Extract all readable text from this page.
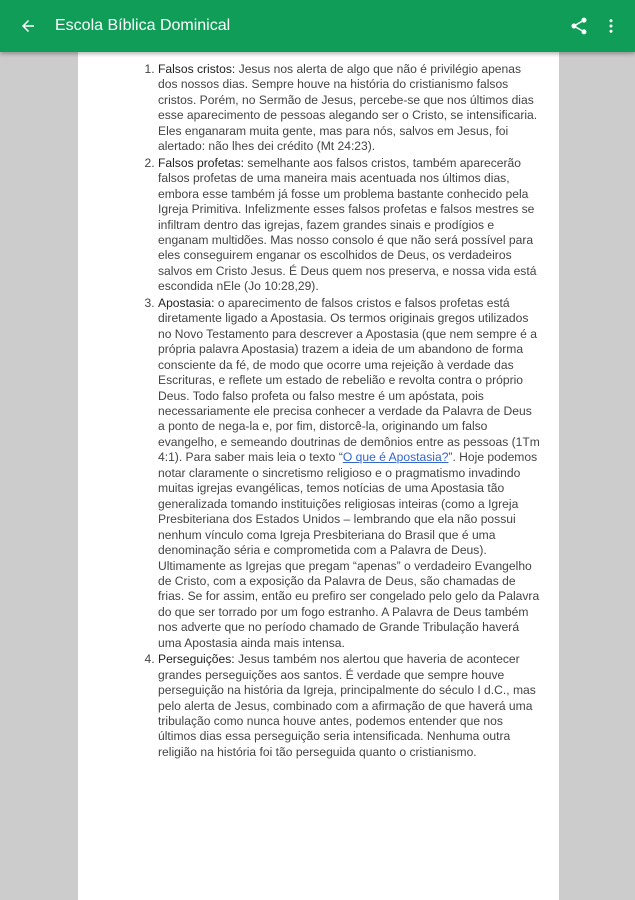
Escola Bíblica Dominical
1. Falsos cristos: Jesus nos alerta de algo que não é privilégio apenas dos nossos dias. Sempre houve na história do cristianismo falsos cristos. Porém, no Sermão de Jesus, percebe-se que nos últimos dias esse aparecimento de pessoas alegando ser o Cristo, se intensificaria. Eles enganaram muita gente, mas para nós, salvos em Jesus, foi alertado: não lhes dei crédito (Mt 24:23).
2. Falsos profetas: semelhante aos falsos cristos, também aparecerão falsos profetas de uma maneira mais acentuada nos últimos dias, embora esse também já fosse um problema bastante conhecido pela Igreja Primitiva. Infelizmente esses falsos profetas e falsos mestres se infiltram dentro das igrejas, fazem grandes sinais e prodígios e enganam multidões. Mas nosso consolo é que não será possível para eles conseguirem enganar os escolhidos de Deus, os verdadeiros salvos em Cristo Jesus. É Deus quem nos preserva, e nossa vida está escondida nEle (Jo 10:28,29).
3. Apostasia: o aparecimento de falsos cristos e falsos profetas está diretamente ligado a Apostasia. Os termos originais gregos utilizados no Novo Testamento para descrever a Apostasia (que nem sempre é a própria palavra Apostasia) trazem a ideia de um abandono de forma consciente da fé, de modo que ocorre uma rejeição à verdade das Escrituras, e reflete um estado de rebelião e revolta contra o próprio Deus. Todo falso profeta ou falso mestre é um apóstata, pois necessariamente ele precisa conhecer a verdade da Palavra de Deus a ponto de nega-la e, por fim, distorcê-la, originando um falso evangelho, e semeando doutrinas de demônios entre as pessoas (1Tm 4:1). Para saber mais leia o texto “O que é Apostasia?”. Hoje podemos notar claramente o sincretismo religioso e o pragmatismo invadindo muitas igrejas evangélicas, temos notícias de uma Apostasia tão generalizada tomando instituições religiosas inteiras (como a Igreja Presbiteriana dos Estados Unidos – lembrando que ela não possui nenhum vínculo coma Igreja Presbiteriana do Brasil que é uma denominação séria e comprometida com a Palavra de Deus). Ultimamente as Igrejas que pregam “apenas” o verdadeiro Evangelho de Cristo, com a exposição da Palavra de Deus, são chamadas de frias. Se for assim, então eu prefiro ser congelado pelo gelo da Palavra do que ser torrado por um fogo estranho. A Palavra de Deus também nos adverte que no período chamado de Grande Tribulação haverá uma Apostasia ainda mais intensa.
4. Perseguições: Jesus também nos alertou que haveria de acontecer grandes perseguições aos santos. É verdade que sempre houve perseguição na história da Igreja, principalmente do século I d.C., mas pelo alerta de Jesus, combinado com a afirmação de que haverá uma tribulação como nunca houve antes, podemos entender que nos últimos dias essa perseguição seria intensificada. Nenhuma outra religião na história foi tão perseguida quanto o cristianismo.
